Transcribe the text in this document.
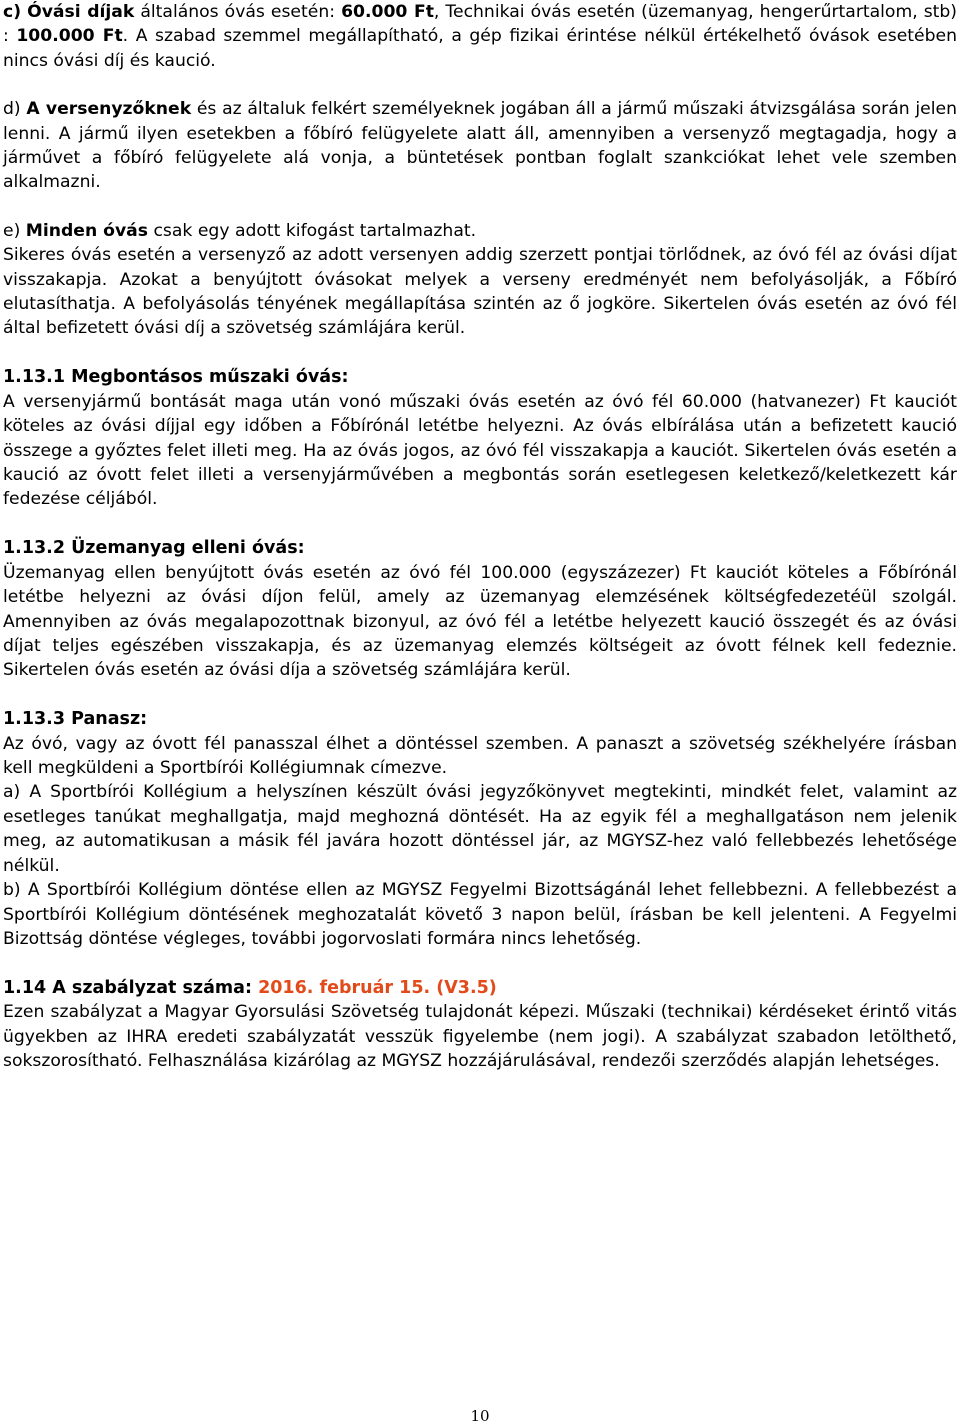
c) Óvási díjak általános óvás esetén: 60.000 Ft, Technikai óvás esetén (üzemanyag, hengerűrtartalom, stb) : 100.000 Ft. A szabad szemmel megállapítható, a gép fizikai érintése nélkül értékelhető óvások esetében nincs óvási díj és kaució.
d) A versenyzőknek és az általuk felkért személyeknek jogában áll a jármű műszaki átvizsgálása során jelen lenni. A jármű ilyen esetekben a főbíró felügyelete alatt áll, amennyiben a versenyző megtagadja, hogy a járművet a főbíró felügyelete alá vonja, a büntetések pontban foglalt szankciókat lehet vele szemben alkalmazni.
e) Minden óvás csak egy adott kifogást tartalmazhat.
Sikeres óvás esetén a versenyző az adott versenyen addig szerzett pontjai törlődnek, az óvó fél az óvási díjat visszakapja. Azokat a benyújtott óvásokat melyek a verseny eredményét nem befolyásolják, a Főbíró elutasíthatja. A befolyásolás tényének megállapítása szintén az ő jogköre. Sikertelen óvás esetén az óvó fél által befizetett óvási díj a szövetség számlájára kerül.
1.13.1 Megbontásos műszaki óvás:
A versenyjármű bontását maga után vonó műszaki óvás esetén az óvó fél 60.000 (hatvanezer) Ft kauciót köteles az óvási díjjal egy időben a Főbírónál letétbe helyezni. Az óvás elbírálása után a befizetett kaució összege a győztes felet illeti meg. Ha az óvás jogos, az óvó fél visszakapja a kauciót. Sikertelen óvás esetén a kaució az óvott felet illeti a versenyjárművében a megbontás során esetlegesen keletkező/keletkezett kár fedezése céljából.
1.13.2 Üzemanyag elleni óvás:
Üzemanyag ellen benyújtott óvás esetén az óvó fél 100.000 (egyszázezer) Ft kauciót köteles a Főbírónál letétbe helyezni az óvási díjon felül, amely az üzemanyag elemzésének költségfedezetéül szolgál. Amennyiben az óvás megalapozottnak bizonyul, az óvó fél a letétbe helyezett kaució összegét és az óvási díjat teljes egészében visszakapja, és az üzemanyag elemzés költségeit az óvott félnek kell fedeznie. Sikertelen óvás esetén az óvási díja a szövetség számlájára kerül.
1.13.3 Panasz:
Az óvó, vagy az óvott fél panasszal élhet a döntéssel szemben. A panaszt a szövetség székhelyére írásban kell megküldeni a Sportbírói Kollégiumnak címezve.
a) A Sportbírói Kollégium a helyszínen készült óvási jegyzőkönyvet megtekinti, mindkét felet, valamint az esetleges tanúkat meghallgatja, majd meghozná döntését. Ha az egyik fél a meghallgatáson nem jelenik meg, az automatikusan a másik fél javára hozott döntéssel jár, az MGYSZ-hez való fellebbezés lehetősége nélkül.
b) A Sportbírói Kollégium döntése ellen az MGYSZ Fegyelmi Bizottságánál lehet fellebbezni. A fellebbezést a Sportbírói Kollégium döntésének meghozatalát követő 3 napon belül, írásban be kell jelenteni. A Fegyelmi Bizottság döntése végleges, további jogorvoslati formára nincs lehetőség.
1.14 A szabályzat száma: 2016. február 15. (V3.5)
Ezen szabályzat a Magyar Gyorsulási Szövetség tulajdonát képezi. Műszaki (technikai) kérdéseket érintő vitás ügyekben az IHRA eredeti szabályzatát vesszük figyelembe (nem jogi). A szabályzat szabadon letölthető, sokszorosítható. Felhasználása kizárólag az MGYSZ hozzájárulásával, rendezői szerződés alapján lehetséges.
10
